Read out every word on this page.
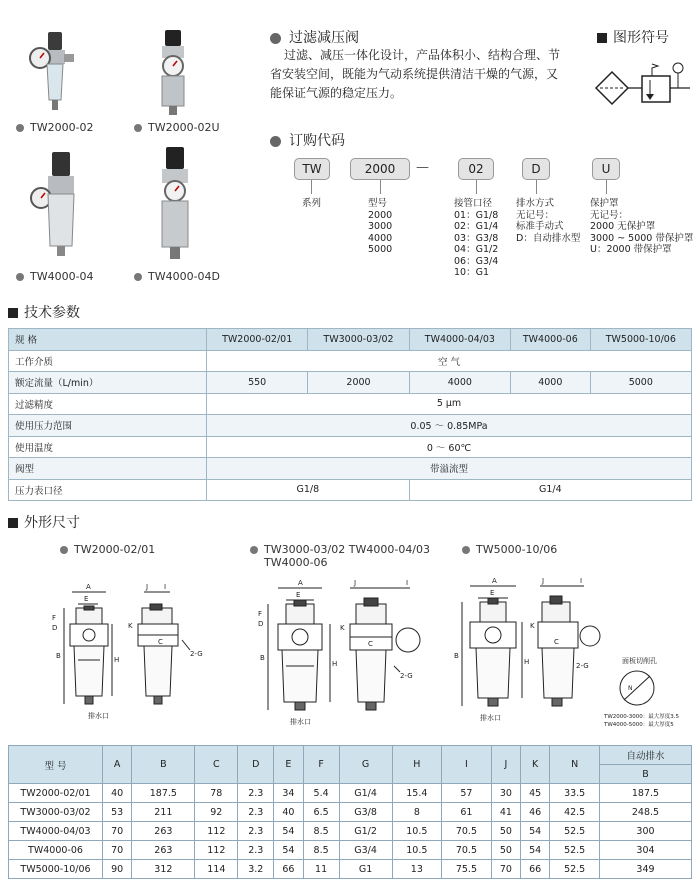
TW2000-02	TW2000-02U
TW4000-04	TW4000-04D
过滤减压阀
过滤、减压一体化设计，产品体积小、结构合理、节省安装空间，既能为气动系统提供清洁干燥的气源，又能保证气源的稳定压力。
图形符号
订购代码
TW	2000	—	02	D	U
系列	型号
2000
3000
4000
5000
接管口径
01：G1/8
02：G1/4
03：G3/8
04：G1/2
06：G3/4
10：G1
排水方式
无记号：
标准手动式
D：自动排水型
保护罩
无记号：
2000 无保护罩
3000 ~ 5000 带保护罩
U：2000 带保护罩
技术参数
规 格	TW2000-02/01	TW3000-03/02	TW4000-04/03	TW4000-06	TW5000-10/06
工作介质	空 气				
额定流量（L/min）	550	2000	4000	4000	5000
过滤精度	5 μm				
使用压力范围	0.05 ～ 0.85MPa				
使用温度	0 ～ 60℃				
阀型	带溢流型				
压力表口径	G1/8		G1/4		
外形尺寸
TW2000-02/01	TW3000-03/02 TW4000-04/03
TW4000-06
TW5000-10/06
A
E
B	H
F
D
J I
K
C
2-G
排水口
A
E
B
H
F
D
J	I
K
C
2-G
排水口
A
E
B
H
J	I
K
C
2-G
排水口
面板切削孔
N
TW2000-3000：最大厚度3.5
TW4000-5000：最大厚度5
型 号	A	B	C	D	E	F	G	H	I	J	K	N	自动排水
													B
TW2000-02/01	40	187.5	78	2.3	34	5.4	G1/4	15.4	57	30	45	33.5	187.5
TW3000-03/02	53	211	92	2.3	40	6.5	G3/8	8	61	41	46	42.5	248.5
TW4000-04/03	70	263	112	2.3	54	8.5	G1/2	10.5	70.5	50	54	52.5	300
TW4000-06	70	263	112	2.3	54	8.5	G3/4	10.5	70.5	50	54	52.5	304
TW5000-10/06	90	312	114	3.2	66	11	G1	13	75.5	70	66	52.5	349
